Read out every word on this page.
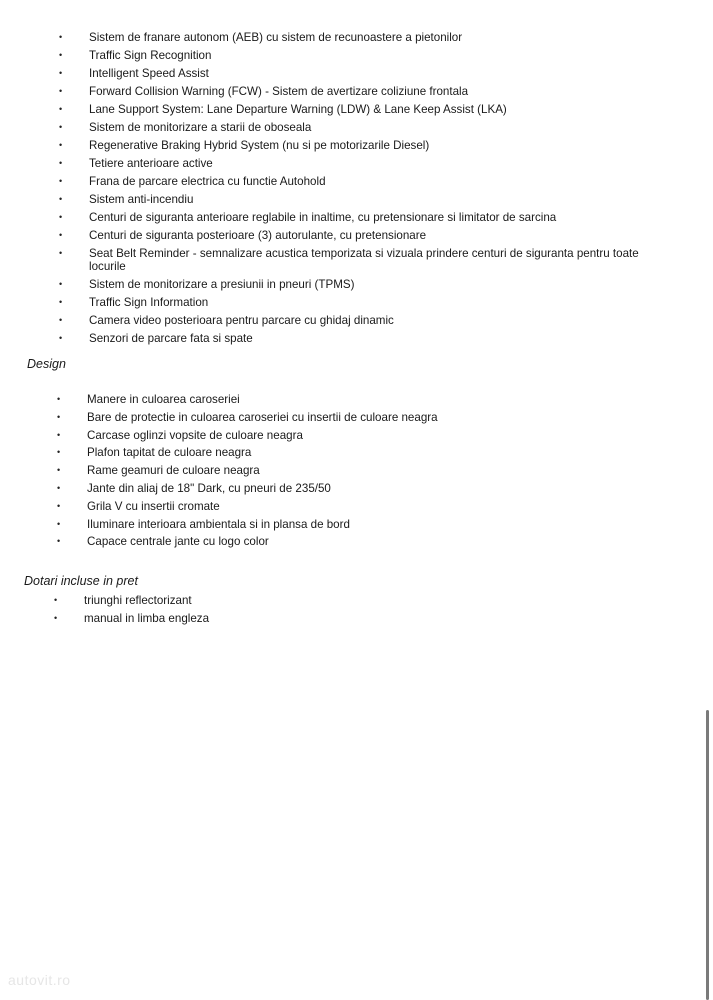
• Sistem de franare autonom (AEB) cu sistem de recunoastere a pietonilor
• Traffic Sign Recognition
• Intelligent Speed Assist
• Forward Collision Warning (FCW) - Sistem de avertizare coliziune frontala
• Lane Support System: Lane Departure Warning (LDW) & Lane Keep Assist (LKA)
• Sistem de monitorizare a starii de oboseala
• Regenerative Braking Hybrid System (nu si pe motorizarile Diesel)
• Tetiere anterioare active
• Frana de parcare electrica cu functie Autohold
• Sistem anti-incendiu
• Centuri de siguranta anterioare reglabile in inaltime, cu pretensionare si limitator de sarcina
• Centuri de siguranta posterioare (3) autorulante, cu pretensionare
• Seat Belt Reminder - semnalizare acustica temporizata si vizuala prindere centuri de siguranta pentru toate locurile
• Sistem de monitorizare a presiunii in pneuri (TPMS)
• Traffic Sign Information
• Camera video posterioara pentru parcare cu ghidaj dinamic
• Senzori de parcare fata si spate
Design
• Manere in culoarea caroseriei
• Bare de protectie in culoarea caroseriei cu insertii de culoare neagra
• Carcase oglinzi vopsite de culoare neagra
• Plafon tapitat de culoare neagra
• Rame geamuri de culoare neagra
• Jante din aliaj de 18" Dark, cu pneuri de 235/50
• Grila V cu insertii cromate
• Iluminare interioara ambientala si in plansa de bord
• Capace centrale jante cu logo color
Dotari incluse in pret
• triunghi reflectorizant
• manual in limba engleza
autovit.ro
